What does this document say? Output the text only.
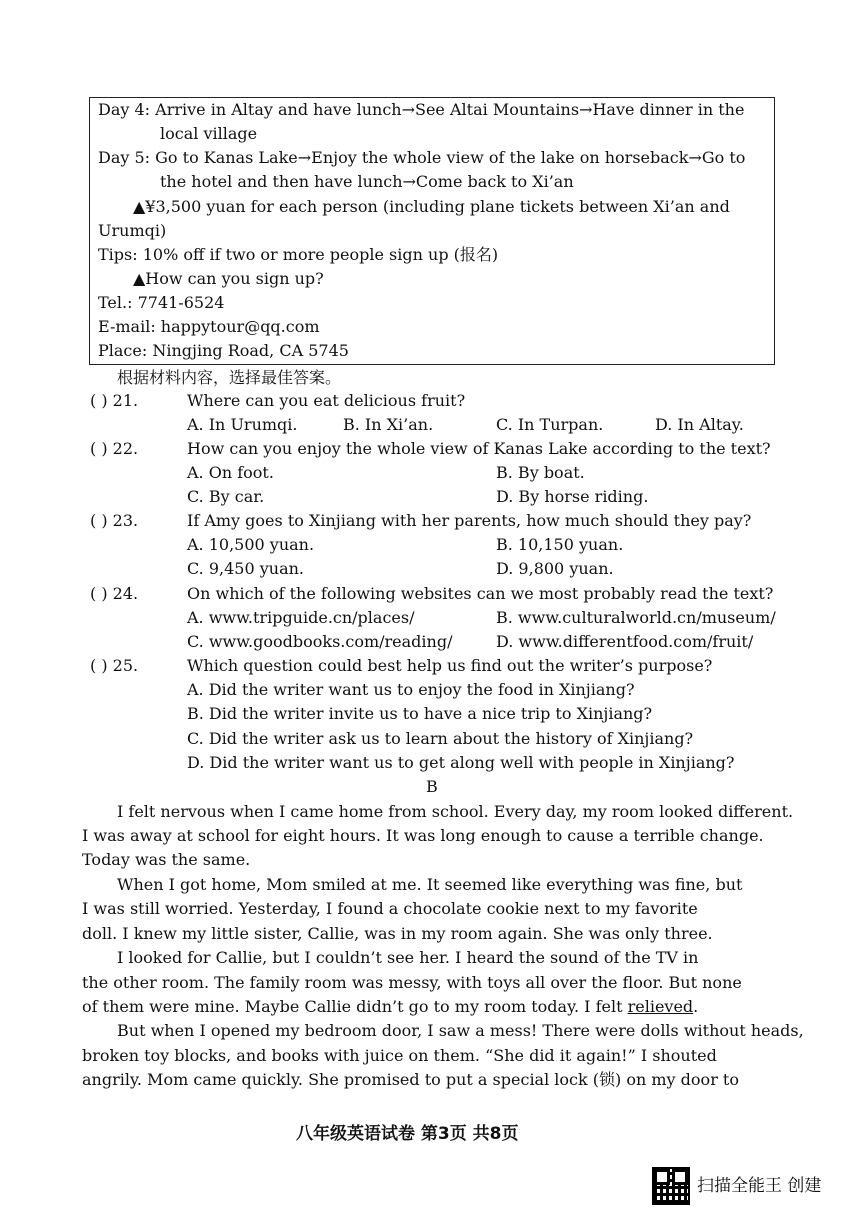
Day 4: Arrive in Altay and have lunch→See Altai Mountains→Have dinner in the
local village
Day 5: Go to Kanas Lake→Enjoy the whole view of the lake on horseback→Go to
the hotel and then have lunch→Come back to Xi’an
▲¥3,500 yuan for each person (including plane tickets between Xi’an and
Urumqi)
Tips: 10% off if two or more people sign up (报名)
▲How can you sign up?
Tel.: 7741-6524
E-mail: happytour@qq.com
Place: Ningjing Road, CA 5745
根据材料内容，选择最佳答案。
( ) 21.	Where can you eat delicious fruit?
A. In Urumqi.	B. In Xi’an.	C. In Turpan.	D. In Altay.
( ) 22.	How can you enjoy the whole view of Kanas Lake according to the text?
A. On foot.	B. By boat.
C. By car.	D. By horse riding.
( ) 23.	If Amy goes to Xinjiang with her parents, how much should they pay?
A. 10,500 yuan.	B. 10,150 yuan.
C. 9,450 yuan.	D. 9,800 yuan.
( ) 24.	On which of the following websites can we most probably read the text?
A. www.tripguide.cn/places/	B. www.culturalworld.cn/museum/
C. www.goodbooks.com/reading/	D. www.differentfood.com/fruit/
( ) 25.	Which question could best help us find out the writer’s purpose?
A. Did the writer want us to enjoy the food in Xinjiang?
B. Did the writer invite us to have a nice trip to Xinjiang?
C. Did the writer ask us to learn about the history of Xinjiang?
D. Did the writer want us to get along well with people in Xinjiang?
B
I felt nervous when I came home from school. Every day, my room looked different.
I was away at school for eight hours. It was long enough to cause a terrible change.
Today was the same.
When I got home, Mom smiled at me. It seemed like everything was fine, but
I was still worried. Yesterday, I found a chocolate cookie next to my favorite
doll. I knew my little sister, Callie, was in my room again. She was only three.
I looked for Callie, but I couldn’t see her. I heard the sound of the TV in
the other room. The family room was messy, with toys all over the floor. But none
of them were mine. Maybe Callie didn’t go to my room today. I felt relieved.
But when I opened my bedroom door, I saw a mess! There were dolls without heads,
broken toy blocks, and books with juice on them. “She did it again!” I shouted
angrily. Mom came quickly. She promised to put a special lock (锁) on my door to
八年级英语试卷 第3页 共8页
扫描全能王 创建
